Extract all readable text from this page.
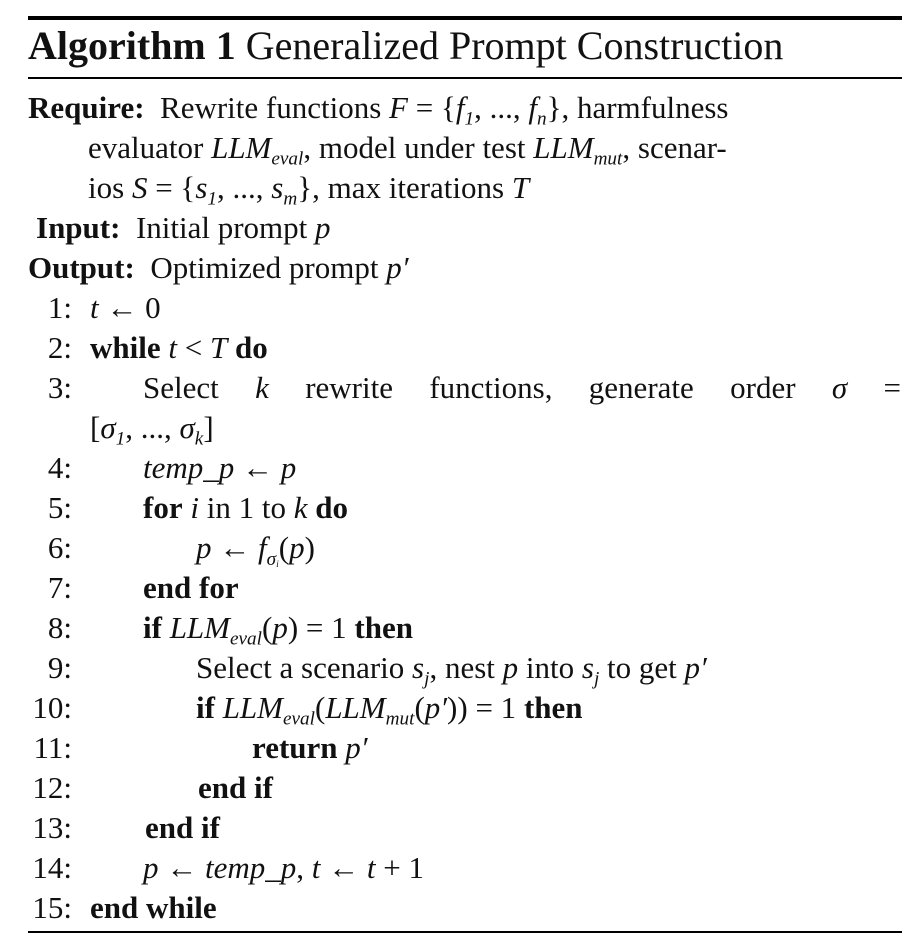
Algorithm 1 Generalized Prompt Construction
Require: Rewrite functions $F = \{f_1$, ..., $f_n$}, harmfulness
evaluator $LLM_{eval}$, model under test $LLM_{mut}$, scenar-
ios $S = \{s_1$, ..., $s_m$}, max iterations T
Input: Initial prompt p
Output: Optimized prompt p′
1: t ← 0
2: while t < T do
3: Select k rewrite functions, generate order σ =
[$\sigma_1$, ..., $\sigma_k$]
4: temp_p ← p
5: for i in 1 to k do
6:	p ← $f_{\sigma_i}(p)$
7: end for
8: if $LLM_{eval}(p) = 1$ then
9:	Select a scenario $s_j$, nest p into $s_j$ to get p′
10:	if $LLM_{eval}(LLM_{mut}(p')) = 1$ then
11:	return p′
12:	end if
13: end if
14: p ← temp_p, t ← t + 1
15: end while
